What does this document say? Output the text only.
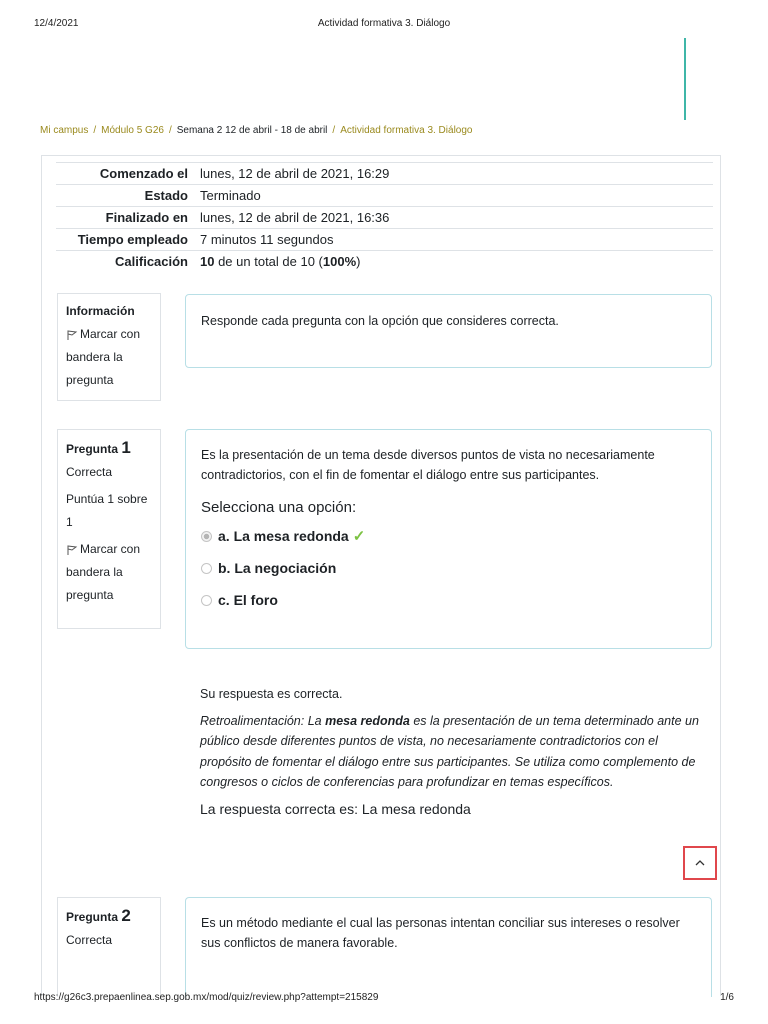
12/4/2021	Actividad formativa 3. Diálogo
Mi campus / Módulo 5 G26 / Semana 2 12 de abril - 18 de abril / Actividad formativa 3. Diálogo
Comenzado el	lunes, 12 de abril de 2021, 16:29
Estado	Terminado
Finalizado en	lunes, 12 de abril de 2021, 16:36
Tiempo empleado	7 minutos 11 segundos
Calificación	10 de un total de 10 (100%)
Información
Marcar con bandera la pregunta

Responde cada pregunta con la opción que consideres correcta.

Pregunta 1
Correcta
Puntúa 1 sobre 1
Marcar con bandera la pregunta

Es la presentación de un tema desde diversos puntos de vista no necesariamente contradictorios, con el fin de fomentar el diálogo entre sus participantes.

Selecciona una opción:
a. La mesa redonda ✓
b. La negociación
c. El foro

Su respuesta es correcta.

Retroalimentación: La mesa redonda es la presentación de un tema determinado ante un público desde diferentes puntos de vista, no necesariamente contradictorios con el propósito de fomentar el diálogo entre sus participantes. Se utiliza como complemento de congresos o ciclos de conferencias para profundizar en temas específicos.

La respuesta correcta es: La mesa redonda

Pregunta 2
Correcta

Es un método mediante el cual las personas intentan conciliar sus intereses o resolver sus conflictos de manera favorable.

https://g26c3.prepaenlinea.sep.gob.mx/mod/quiz/review.php?attempt=215829	1/6
